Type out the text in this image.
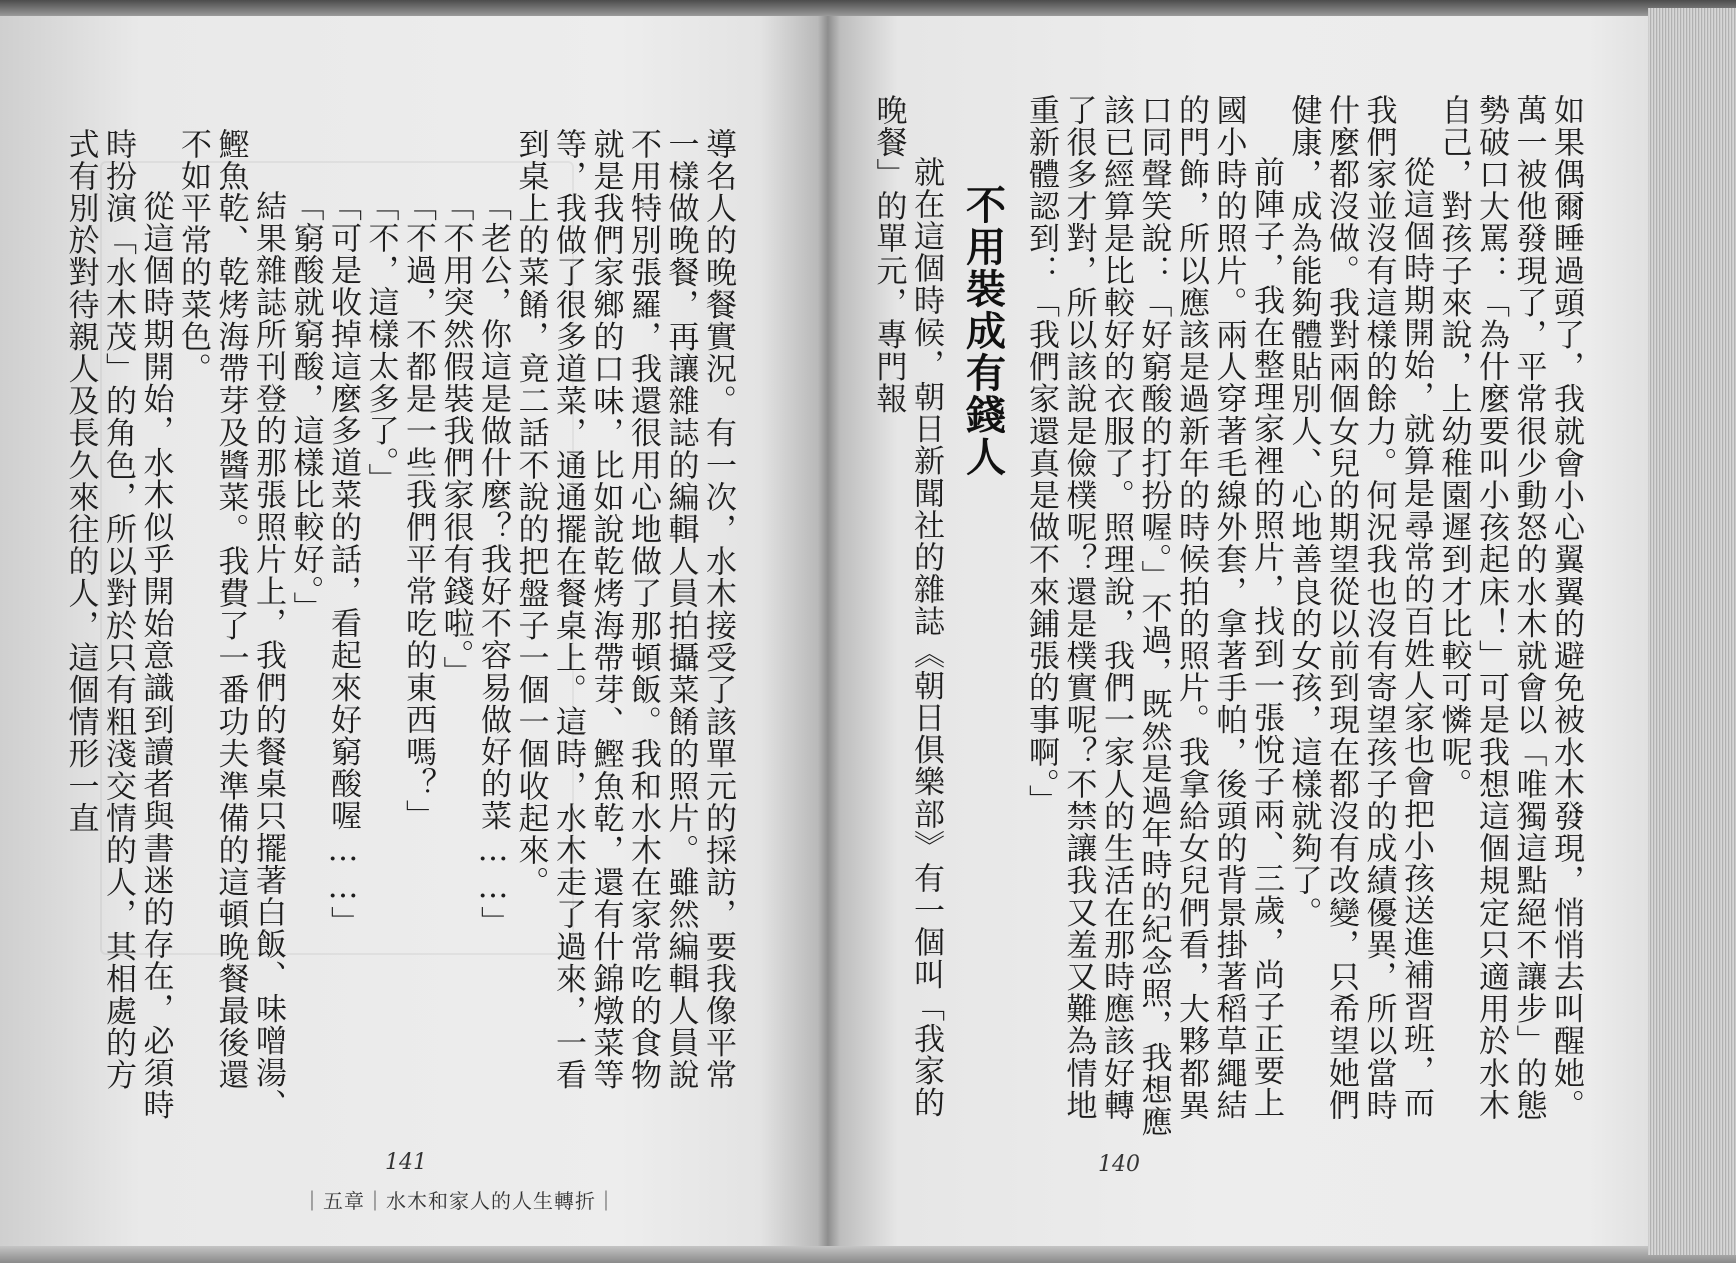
導名人的晚餐實況。有一次，水木接受了該單元的採訪，要我像平常一樣做晚餐，再讓雜誌的編輯人員拍攝菜餚的照片。雖然編輯人員說不用特別張羅，我還很用心地做了那頓飯。我和水木在家常吃的食物就是我們家鄉的口味，比如說乾烤海帶芽、鰹魚乾，還有什錦燉菜等等，我做了很多道菜，通通擺在餐桌上。這時，水木走了過來，一看到桌上的菜餚，竟二話不說的把盤子一個一個收起來。

「老公，你這是做什麼？我好不容易做好的菜……」

「不用突然假裝我們家很有錢啦。」

「不過，不都是一些我們平常吃的東西嗎？」

「不，這樣太多了。」

「可是收掉這麼多道菜的話，看起來好窮酸喔……」

「窮酸就窮酸，這樣比較好。」

結果雜誌所刊登的那張照片上，我們的餐桌只擺著白飯、味噌湯、鰹魚乾、乾烤海帶芽及醬菜。我費了一番功夫準備的這頓晚餐最後還不如平常的菜色。

從這個時期開始，水木似乎開始意識到讀者與書迷的存在，必須時時扮演「水木茂」的角色，所以對於只有粗淺交情的人，其相處的方式有別於對待親人及長久來往的人，這個情形一直

141
｜五章｜水木和家人的人生轉折｜

如果偶爾睡過頭了，我就會小心翼翼的避免被水木發現，悄悄去叫醒她。萬一被他發現了，平常很少動怒的水木就會以「唯獨這點絕不讓步」的態勢破口大罵：「為什麼要叫小孩起床！」可是我想這個規定只適用於水木自己，對孩子來說，上幼稚園遲到才比較可憐呢。

從這個時期開始，就算是尋常的百姓人家也會把小孩送進補習班，而我們家並沒有這樣的餘力。何況我也沒有寄望孩子的成績優異，所以當時什麼都沒做。我對兩個女兒的期望從以前到現在都沒有改變，只希望她們健康，成為能夠體貼別人、心地善良的女孩，這樣就夠了。

前陣子，我在整理家裡的照片，找到一張悅子兩、三歲，尚子正要上國小時的照片。兩人穿著毛線外套，拿著手帕，後頭的背景掛著稻草繩結的門飾，所以應該是過新年的時候拍的照片。我拿給女兒們看，大夥都異口同聲笑說：「好窮酸的打扮喔。」不過，既然是過年時的紀念照，我想應該已經算是比較好的衣服了。照理說，我們一家人的生活在那時應該好轉了很多才對，所以該說是儉樸呢？還是樸實呢？不禁讓我又羞又難為情地重新體認到：「我們家還真是做不來鋪張的事啊。」

不用裝成有錢人

就在這個時候，朝日新聞社的雜誌《朝日俱樂部》有一個叫「我家的晚餐」的單元，專門報

140
